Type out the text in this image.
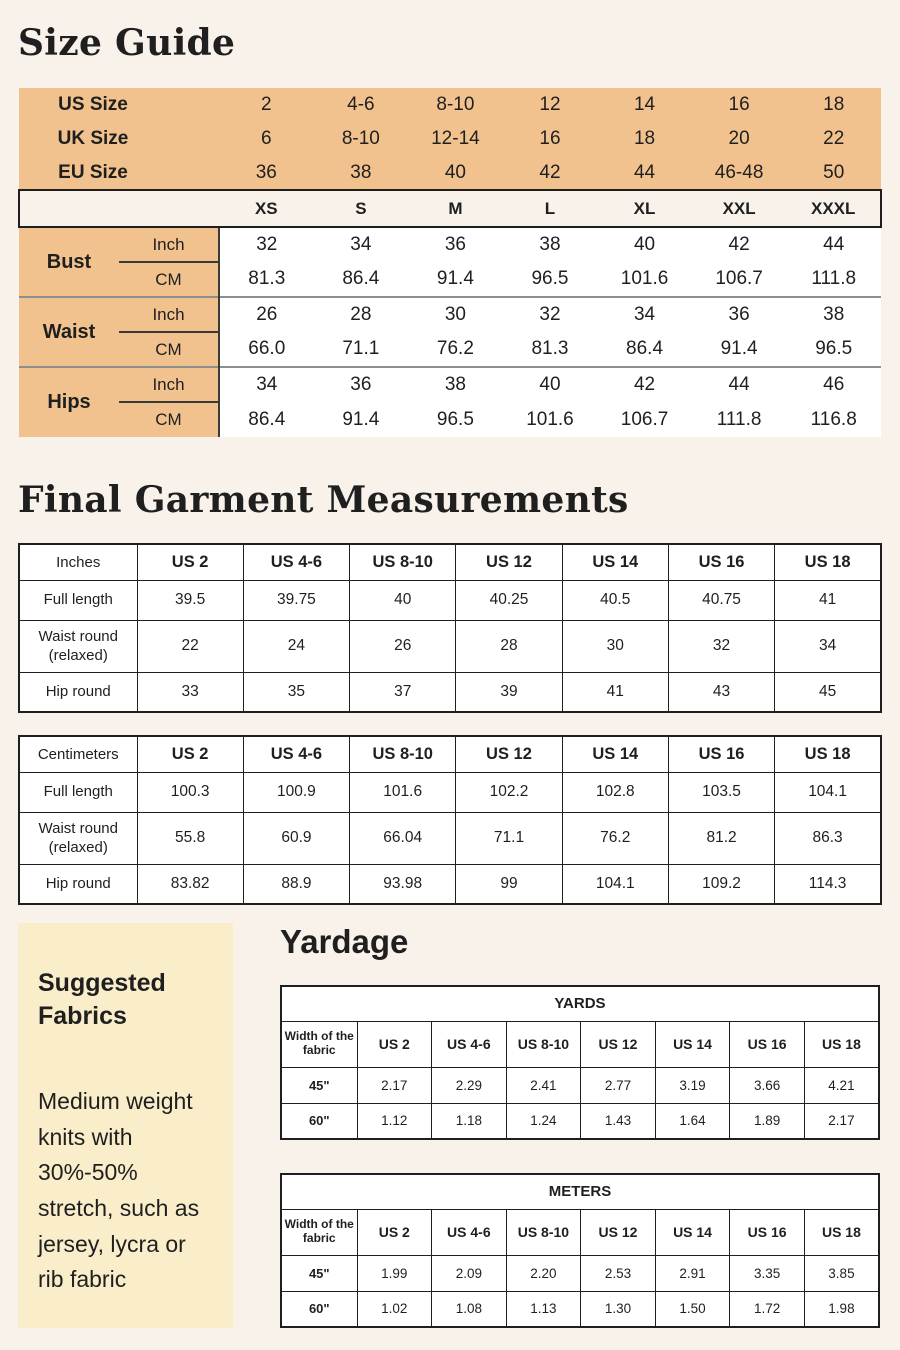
Size Guide
US Size		2	4-6	8-10	12	14	16	18
UK Size		6	8-10	12-14	16	18	20	22
EU Size		36	38	40	42	44	46-48	50
		XS	S	M	L	XL	XXL	XXXL
Bust	Inch	32	34	36	38	40	42	44
	CM	81.3	86.4	91.4	96.5	101.6	106.7	111.8
Waist	Inch	26	28	30	32	34	36	38
	CM	66.0	71.1	76.2	81.3	86.4	91.4	96.5
Hips	Inch	34	36	38	40	42	44	46
	CM	86.4	91.4	96.5	101.6	106.7	111.8	116.8
Final Garment Measurements
Inches	US 2	US 4-6	US 8-10	US 12	US 14	US 16	US 18
Full length	39.5	39.75	40	40.25	40.5	40.75	41
Waist round (relaxed)	22	24	26	28	30	32	34
Hip round	33	35	37	39	41	43	45
Centimeters	US 2	US 4-6	US 8-10	US 12	US 14	US 16	US 18
Full length	100.3	100.9	101.6	102.2	102.8	103.5	104.1
Waist round (relaxed)	55.8	60.9	66.04	71.1	76.2	81.2	86.3
Hip round	83.82	88.9	93.98	99	104.1	109.2	114.3
Suggested Fabrics

Medium weight knits with 30%-50% stretch, such as jersey, lycra or rib fabric

Yardage
YARDS							
Width of the fabric	US 2	US 4-6	US 8-10	US 12	US 14	US 16	US 18
45"	2.17	2.29	2.41	2.77	3.19	3.66	4.21
60"	1.12	1.18	1.24	1.43	1.64	1.89	2.17
METERS							
Width of the fabric	US 2	US 4-6	US 8-10	US 12	US 14	US 16	US 18
45"	1.99	2.09	2.20	2.53	2.91	3.35	3.85
60"	1.02	1.08	1.13	1.30	1.50	1.72	1.98
